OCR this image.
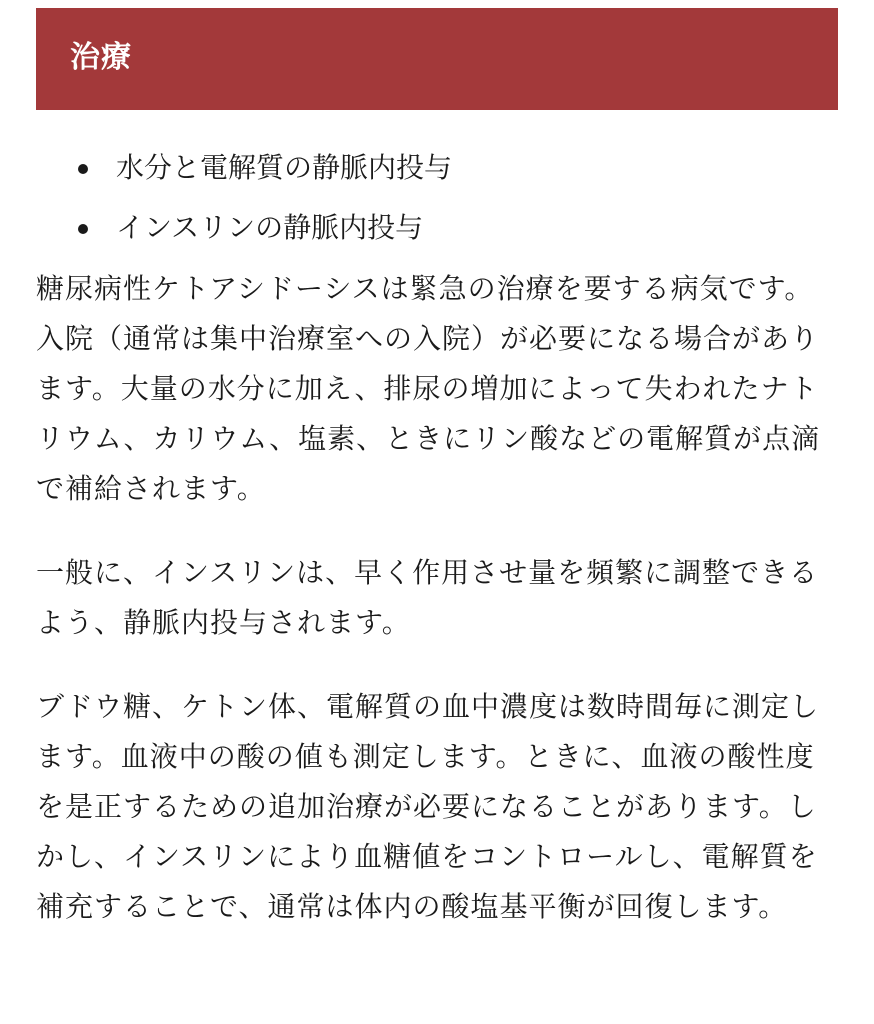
治療
水分と電解質の静脈内投与
インスリンの静脈内投与

糖尿病性ケトアシドーシスは緊急の治療を要する病気です。入院（通常は集中治療室への入院）が必要になる場合があります。大量の水分に加え、排尿の増加によって失われたナトリウム、カリウム、塩素、ときにリン酸などの電解質が点滴で補給されます。

一般に、インスリンは、早く作用させ量を頻繁に調整できるよう、静脈内投与されます。

ブドウ糖、ケトン体、電解質の血中濃度は数時間毎に測定します。血液中の酸の値も測定します。ときに、血液の酸性度を是正するための追加治療が必要になることがあります。しかし、インスリンにより血糖値をコントロールし、電解質を補充することで、通常は体内の酸塩基平衡が回復します。
